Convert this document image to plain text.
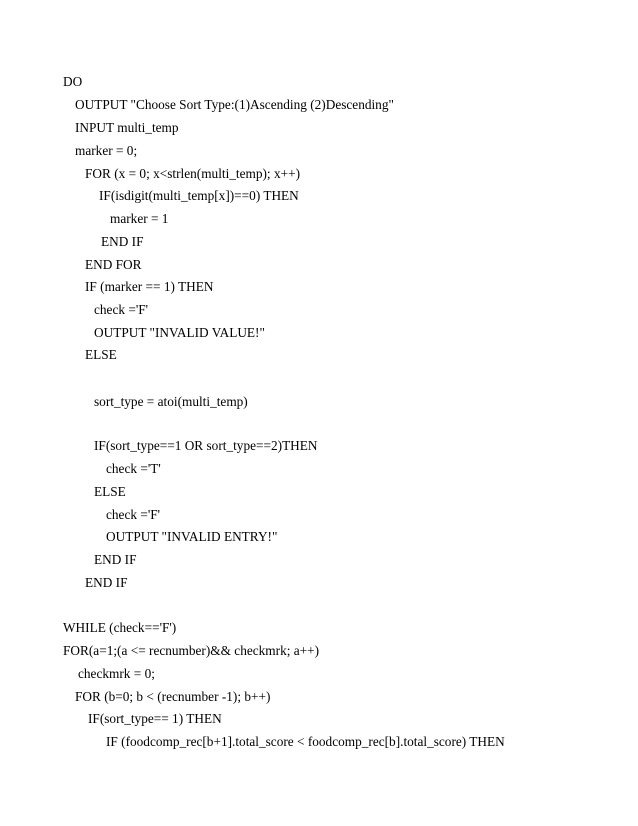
DO
OUTPUT "Choose Sort Type:(1)Ascending (2)Descending"
INPUT multi_temp
marker = 0;
FOR (x = 0; x<strlen(multi_temp); x++)
IF(isdigit(multi_temp[x])==0) THEN
marker = 1
END IF
END FOR
IF (marker == 1) THEN
check ='F'
OUTPUT "INVALID VALUE!"
ELSE
sort_type = atoi(multi_temp)
IF(sort_type==1 OR sort_type==2)THEN
check ='T'
ELSE
check ='F'
OUTPUT "INVALID ENTRY!"
END IF
END IF
WHILE (check=='F')
FOR(a=1;(a <= recnumber)&& checkmrk; a++)
checkmrk = 0;
FOR (b=0; b < (recnumber -1); b++)
IF(sort_type== 1) THEN
IF (foodcomp_rec[b+1].total_score < foodcomp_rec[b].total_score) THEN
